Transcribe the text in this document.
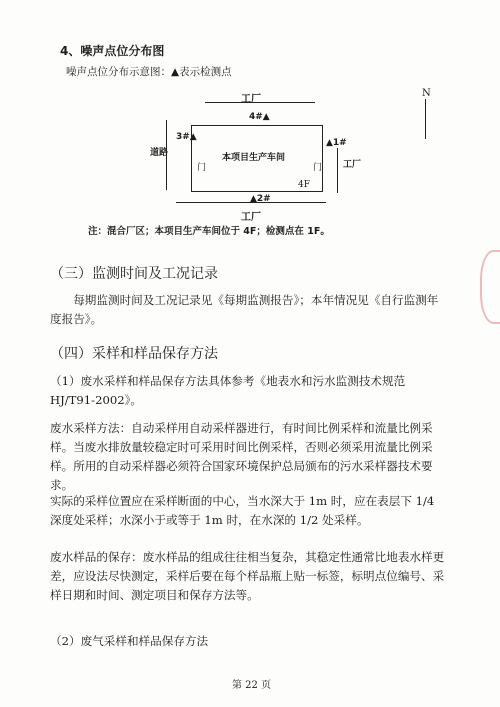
4、噪声点位分布图
噪声点位分布示意图：▲表示检测点
工厂
N
4#▲
▲1#
3#▲
▲2#
本项目生产车间
4F
门	门
道路
工厂
工厂
注：混合厂区；本项目生产车间位于 4F；检测点在 1F。
（三）监测时间及工况记录
每期监测时间及工况记录见《每期监测报告》；本年情况见《自行监测年度报告》。
（四）采样和样品保存方法
（1）废水采样和样品保存方法具体参考《地表水和污水监测技术规范 HJ/T91-2002》。
废水采样方法：自动采样用自动采样器进行，有时间比例采样和流量比例采样。当废水排放量较稳定时可采用时间比例采样，否则必须采用流量比例采样。所用的自动采样器必须符合国家环境保护总局颁布的污水采样器技术要求。
实际的采样位置应在采样断面的中心，当水深大于 1m 时，应在表层下 1/4 深度处采样；水深小于或等于 1m 时，在水深的 1/2 处采样。
废水样品的保存：废水样品的组成往往相当复杂，其稳定性通常比地表水样更差，应设法尽快测定，采样后要在每个样品瓶上贴一标签，标明点位编号、采样日期和时间、测定项目和保存方法等。
（2）废气采样和样品保存方法
第 22 页
